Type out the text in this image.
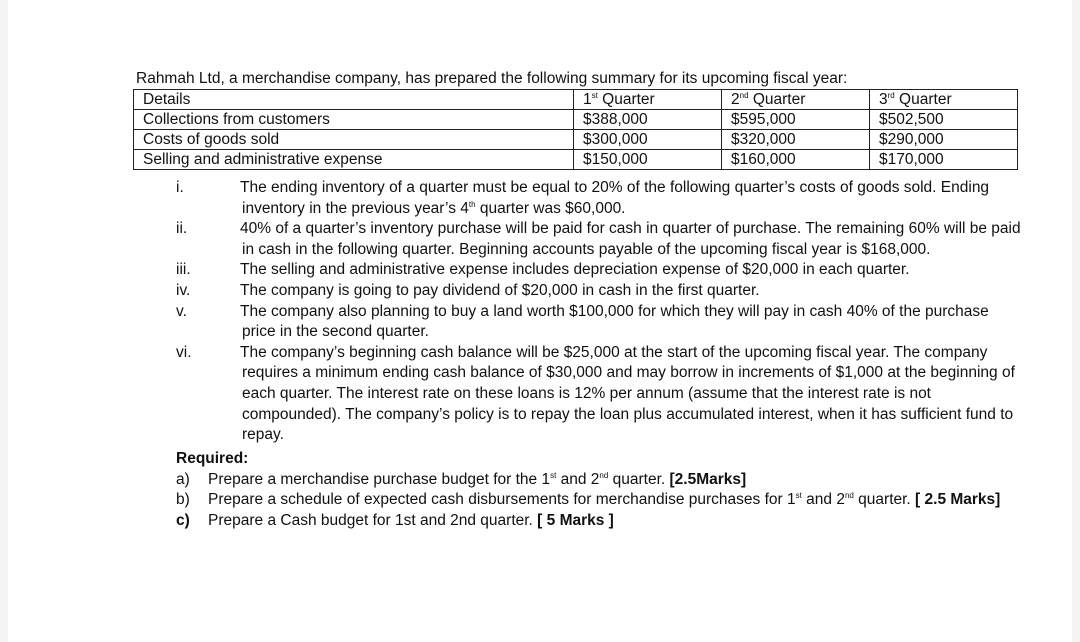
Rahmah Ltd, a merchandise company, has prepared the following summary for its upcoming fiscal year:
Details	1st Quarter	2nd Quarter	3rd Quarter
Collections from customers	$388,000	$595,000	$502,500
Costs of goods sold	$300,000	$320,000	$290,000
Selling and administrative expense	$150,000	$160,000	$170,000
i.	The ending inventory of a quarter must be equal to 20% of the following quarter’s costs of goods sold. Ending
inventory in the previous year’s 4th quarter was $60,000.
ii.	40% of a quarter’s inventory purchase will be paid for cash in quarter of purchase. The remaining 60% will be paid
in cash in the following quarter. Beginning accounts payable of the upcoming fiscal year is $168,000.
iii.	The selling and administrative expense includes depreciation expense of $20,000 in each quarter.
iv.	The company is going to pay dividend of $20,000 in cash in the first quarter.
v.	The company also planning to buy a land worth $100,000 for which they will pay in cash 40% of the purchase
price in the second quarter.
vi.	The company’s beginning cash balance will be $25,000 at the start of the upcoming fiscal year. The company
requires a minimum ending cash balance of $30,000 and may borrow in increments of $1,000 at the beginning of
each quarter. The interest rate on these loans is 12% per annum (assume that the interest rate is not
compounded). The company’s policy is to repay the loan plus accumulated interest, when it has sufficient fund to
repay.
Required:
a) Prepare a merchandise purchase budget for the 1st and 2nd quarter. [2.5Marks]
b) Prepare a schedule of expected cash disbursements for merchandise purchases for 1st and 2nd quarter. [ 2.5 Marks]
c) Prepare a Cash budget for 1st and 2nd quarter. [ 5 Marks ]
